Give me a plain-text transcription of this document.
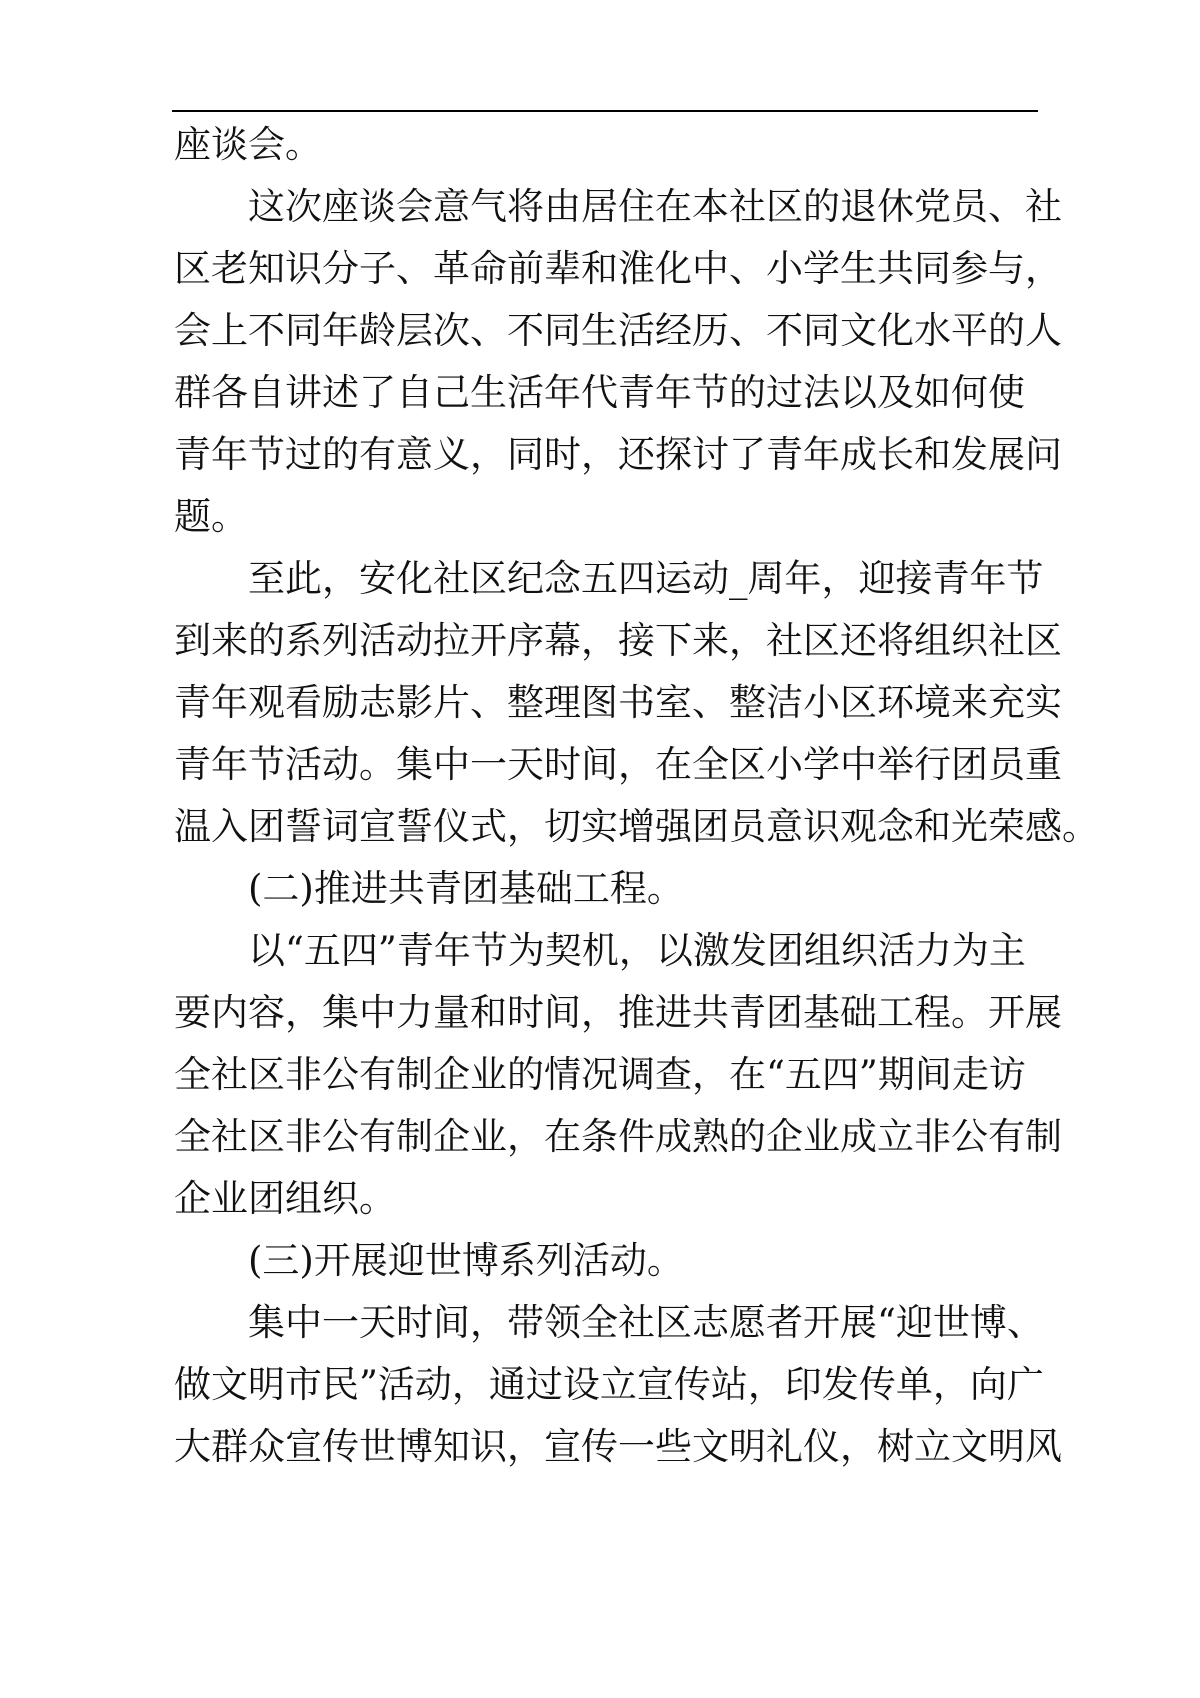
座谈会。
这次座谈会意气将由居住在本社区的退休党员、社
区老知识分子、革命前辈和淮化中、小学生共同参与，
会上不同年龄层次、不同生活经历、不同文化水平的人
群各自讲述了自己生活年代青年节的过法以及如何使
青年节过的有意义，同时，还探讨了青年成长和发展问
题。
至此，安化社区纪念五四运动_周年，迎接青年节
到来的系列活动拉开序幕，接下来，社区还将组织社区
青年观看励志影片、整理图书室、整洁小区环境来充实
青年节活动。集中一天时间，在全区小学中举行团员重
温入团誓词宣誓仪式，切实增强团员意识观念和光荣感。
(二)推进共青团基础工程。
以“五四”青年节为契机，以激发团组织活力为主
要内容，集中力量和时间，推进共青团基础工程。开展
全社区非公有制企业的情况调查，在“五四”期间走访
全社区非公有制企业，在条件成熟的企业成立非公有制
企业团组织。
(三)开展迎世博系列活动。
集中一天时间，带领全社区志愿者开展“迎世博、
做文明市民”活动，通过设立宣传站，印发传单，向广
大群众宣传世博知识，宣传一些文明礼仪，树立文明风
